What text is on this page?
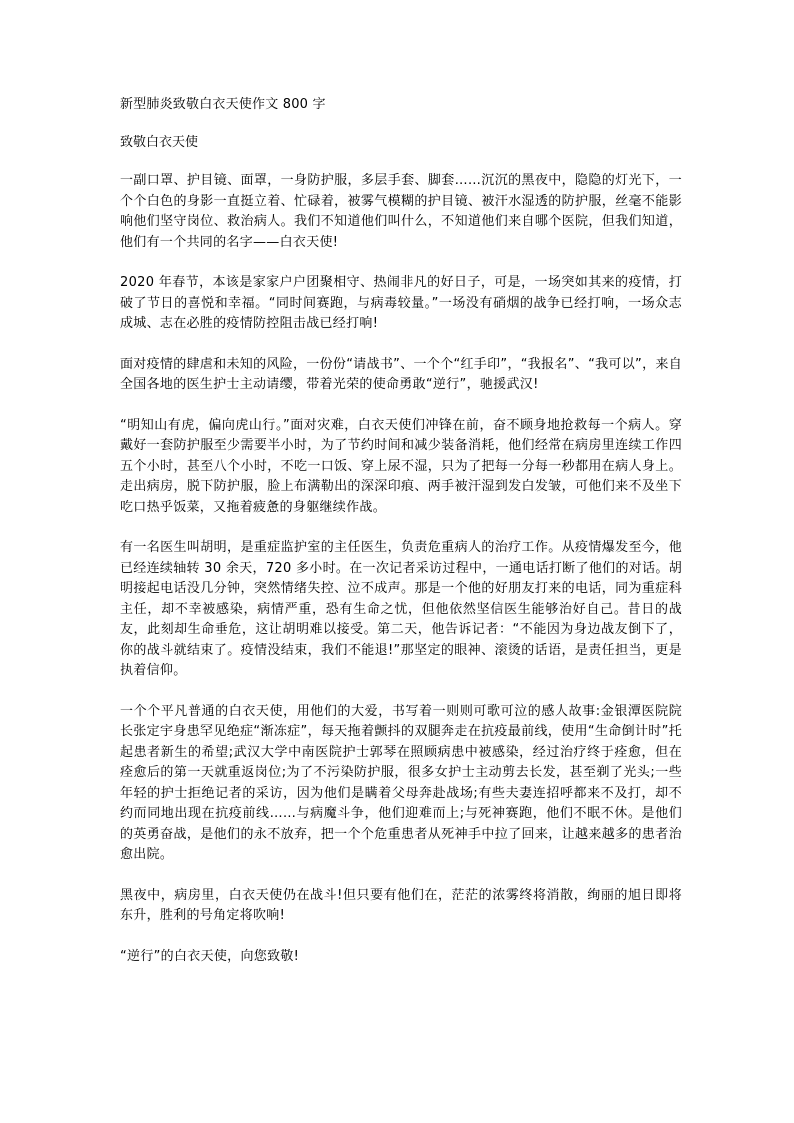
新型肺炎致敬白衣天使作文 800 字
致敬白衣天使

一副口罩、护目镜、面罩，一身防护服，多层手套、脚套……沉沉的黑夜中，隐隐的灯光下，一个个白色的身影一直挺立着、忙碌着，被雾气模糊的护目镜、被汗水湿透的防护服，丝毫不能影响他们坚守岗位、救治病人。我们不知道他们叫什么，不知道他们来自哪个医院，但我们知道，他们有一个共同的名字——白衣天使!

2020 年春节，本该是家家户户团聚相守、热闹非凡的好日子，可是，一场突如其来的疫情，打破了节日的喜悦和幸福。“同时间赛跑，与病毒较量。”一场没有硝烟的战争已经打响，一场众志成城、志在必胜的疫情防控阻击战已经打响!

面对疫情的肆虐和未知的风险，一份份“请战书”、一个个“红手印”，“我报名”、“我可以”，来自全国各地的医生护士主动请缨，带着光荣的使命勇敢“逆行”，驰援武汉!

“明知山有虎，偏向虎山行。”面对灾难，白衣天使们冲锋在前，奋不顾身地抢救每一个病人。穿戴好一套防护服至少需要半小时，为了节约时间和减少装备消耗，他们经常在病房里连续工作四五个小时，甚至八个小时，不吃一口饭、穿上尿不湿，只为了把每一分每一秒都用在病人身上。走出病房，脱下防护服，脸上布满勒出的深深印痕、两手被汗湿到发白发皱，可他们来不及坐下吃口热乎饭菜，又拖着疲惫的身躯继续作战。

有一名医生叫胡明，是重症监护室的主任医生，负责危重病人的治疗工作。从疫情爆发至今，他已经连续轴转 30 余天，720 多小时。在一次记者采访过程中，一通电话打断了他们的对话。胡明接起电话没几分钟，突然情绪失控、泣不成声。那是一个他的好朋友打来的电话，同为重症科主任，却不幸被感染，病情严重，恐有生命之忧，但他依然坚信医生能够治好自己。昔日的战友，此刻却生命垂危，这让胡明难以接受。第二天，他告诉记者：“不能因为身边战友倒下了，你的战斗就结束了。疫情没结束，我们不能退!”那坚定的眼神、滚烫的话语，是责任担当，更是执着信仰。

一个个平凡普通的白衣天使，用他们的大爱，书写着一则则可歌可泣的感人故事:金银潭医院院长张定宇身患罕见绝症“渐冻症”，每天拖着颤抖的双腿奔走在抗疫最前线，使用“生命倒计时”托起患者新生的希望;武汉大学中南医院护士郭琴在照顾病患中被感染，经过治疗终于痊愈，但在痊愈后的第一天就重返岗位;为了不污染防护服，很多女护士主动剪去长发，甚至剃了光头;一些年轻的护士拒绝记者的采访，因为他们是瞒着父母奔赴战场;有些夫妻连招呼都来不及打，却不约而同地出现在抗疫前线……与病魔斗争，他们迎难而上;与死神赛跑，他们不眠不休。是他们的英勇奋战，是他们的永不放弃，把一个个危重患者从死神手中拉了回来，让越来越多的患者治愈出院。

黑夜中，病房里，白衣天使仍在战斗!但只要有他们在，茫茫的浓雾终将消散，绚丽的旭日即将东升，胜利的号角定将吹响!

“逆行”的白衣天使，向您致敬!
